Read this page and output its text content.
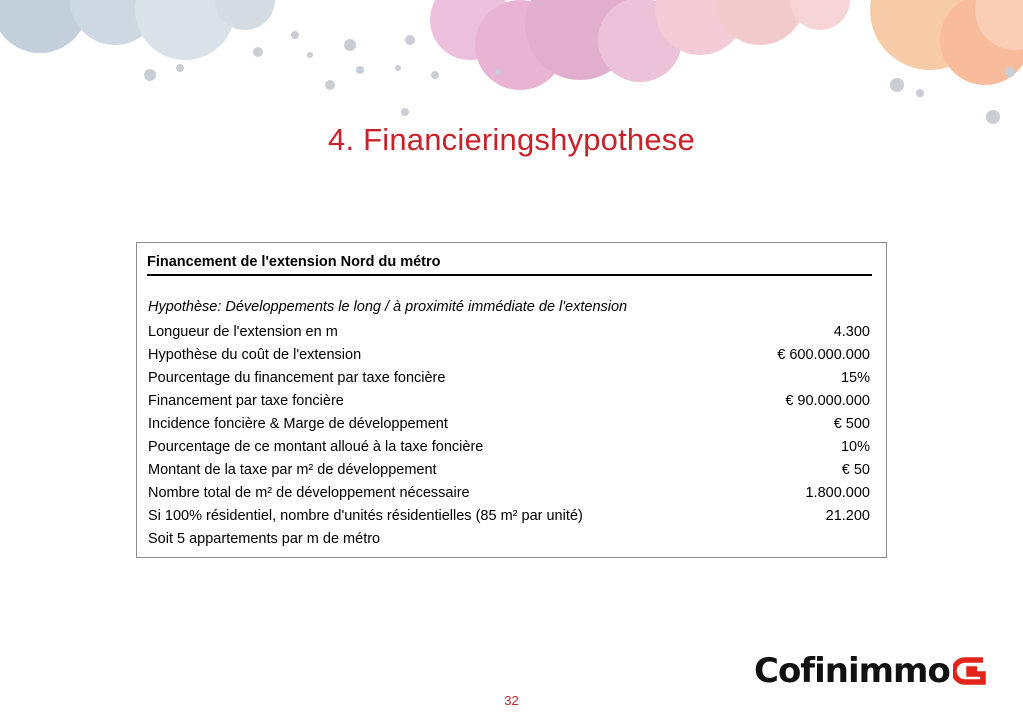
4. Financieringshypothese
Financement de l'extension Nord du métro
Hypothèse: Développements le long / à proximité immédiate de l'extension
Longueur de l'extension en m	4.300
Hypothèse du coût de l'extension	€ 600.000.000
Pourcentage du financement par taxe foncière	15%
Financement par taxe foncière	€ 90.000.000
Incidence foncière & Marge de développement	€ 500
Pourcentage de ce montant alloué à la taxe foncière	10%
Montant de la taxe par m² de développement	€ 50
Nombre total de m² de développement nécessaire	1.800.000
Si 100% résidentiel, nombre d'unités résidentielles (85 m² par unité)	21.200
Soit 5 appartements par m de métro
Cofinimmo
32
